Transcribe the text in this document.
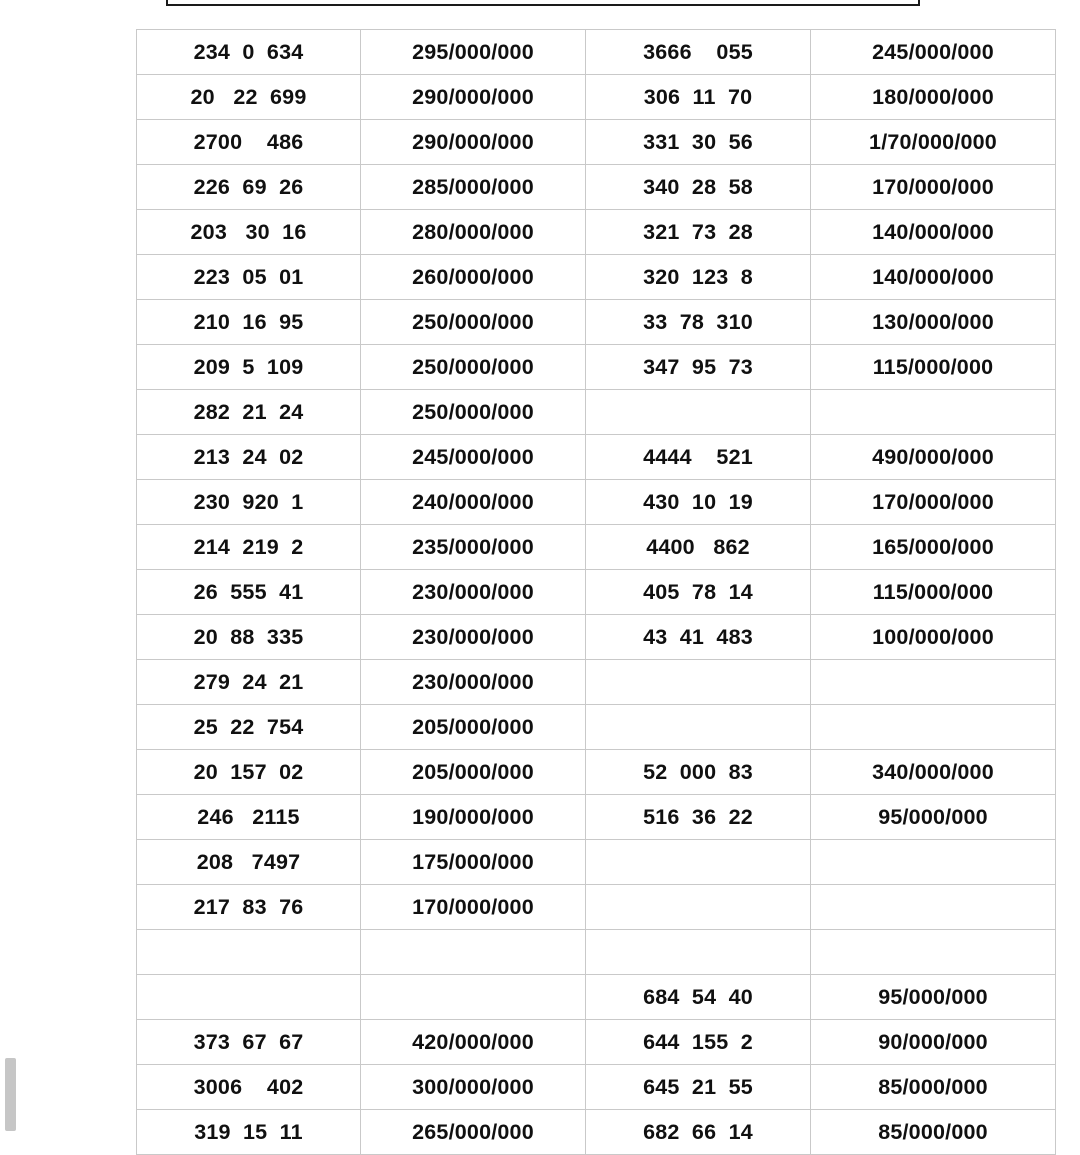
234  0  634	295/000/000	3666    055	245/000/000
20   22  699	290/000/000	306  11  70	180/000/000
2700    486	290/000/000	331  30  56	1/70/000/000
226  69  26	285/000/000	340  28  58	170/000/000
203   30  16	280/000/000	321  73  28	140/000/000
223  05  01	260/000/000	320  123  8	140/000/000
210  16  95	250/000/000	33  78  310	130/000/000
209  5  109	250/000/000	347  95  73	115/000/000
282  21  24	250/000/000		
213  24  02	245/000/000	4444    521	490/000/000
230  920  1	240/000/000	430  10  19	170/000/000
214  219  2	235/000/000	4400   862	165/000/000
26  555  41	230/000/000	405  78  14	115/000/000
20  88  335	230/000/000	43  41  483	100/000/000
279  24  21	230/000/000		
25  22  754	205/000/000		
20  157  02	205/000/000	52  000  83	340/000/000
246   2115	190/000/000	516  36  22	95/000/000
208   7497	175/000/000		
217  83  76	170/000/000		

		684  54  40	95/000/000
373  67  67	420/000/000	644  155  2	90/000/000
3006    402	300/000/000	645  21  55	85/000/000
319  15  11	265/000/000	682  66  14	85/000/000
